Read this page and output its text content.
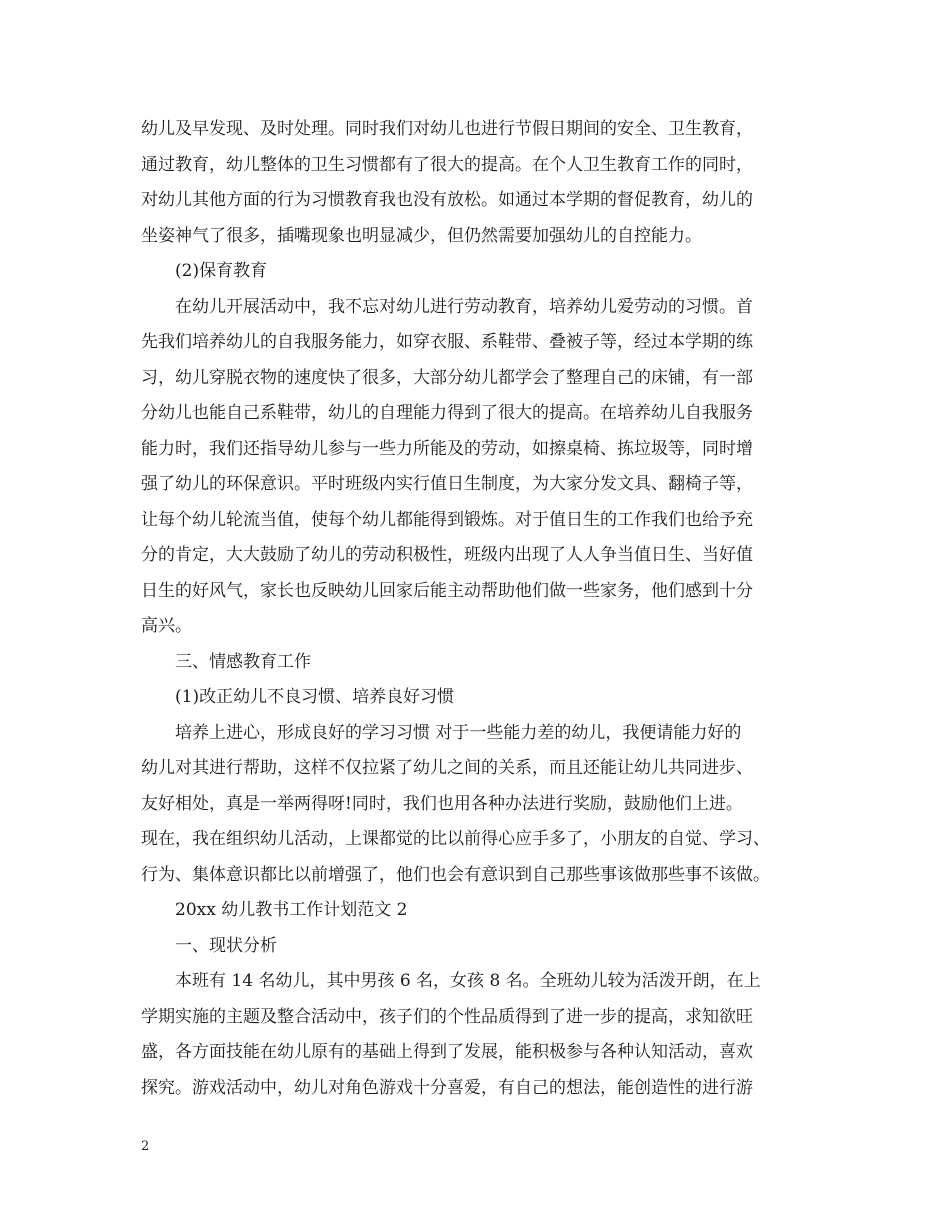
幼儿及早发现、及时处理。同时我们对幼儿也进行节假日期间的安全、卫生教育，
通过教育，幼儿整体的卫生习惯都有了很大的提高。在个人卫生教育工作的同时，
对幼儿其他方面的行为习惯教育我也没有放松。如通过本学期的督促教育，幼儿的
坐姿神气了很多，插嘴现象也明显减少，但仍然需要加强幼儿的自控能力。
(2)保育教育
在幼儿开展活动中，我不忘对幼儿进行劳动教育，培养幼儿爱劳动的习惯。首
先我们培养幼儿的自我服务能力，如穿衣服、系鞋带、叠被子等，经过本学期的练
习，幼儿穿脱衣物的速度快了很多，大部分幼儿都学会了整理自己的床铺，有一部
分幼儿也能自己系鞋带，幼儿的自理能力得到了很大的提高。在培养幼儿自我服务
能力时，我们还指导幼儿参与一些力所能及的劳动，如擦桌椅、拣垃圾等，同时增
强了幼儿的环保意识。平时班级内实行值日生制度，为大家分发文具、翻椅子等，
让每个幼儿轮流当值，使每个幼儿都能得到锻炼。对于值日生的工作我们也给予充
分的肯定，大大鼓励了幼儿的劳动积极性，班级内出现了人人争当值日生、当好值
日生的好风气，家长也反映幼儿回家后能主动帮助他们做一些家务，他们感到十分
高兴。
三、情感教育工作
(1)改正幼儿不良习惯、培养良好习惯
培养上进心，形成良好的学习习惯 对于一些能力差的幼儿，我便请能力好的
幼儿对其进行帮助，这样不仅拉紧了幼儿之间的关系，而且还能让幼儿共同进步、
友好相处，真是一举两得呀!同时，我们也用各种办法进行奖励，鼓励他们上进。
现在，我在组织幼儿活动，上课都觉的比以前得心应手多了，小朋友的自觉、学习、
行为、集体意识都比以前增强了，他们也会有意识到自己那些事该做那些事不该做。
20xx 幼儿教书工作计划范文 2
一、现状分析
本班有 14 名幼儿，其中男孩 6 名，女孩 8 名。全班幼儿较为活泼开朗，在上
学期实施的主题及整合活动中，孩子们的个性品质得到了进一步的提高，求知欲旺
盛，各方面技能在幼儿原有的基础上得到了发展，能积极参与各种认知活动，喜欢
探究。游戏活动中，幼儿对角色游戏十分喜爱，有自己的想法，能创造性的进行游
2
